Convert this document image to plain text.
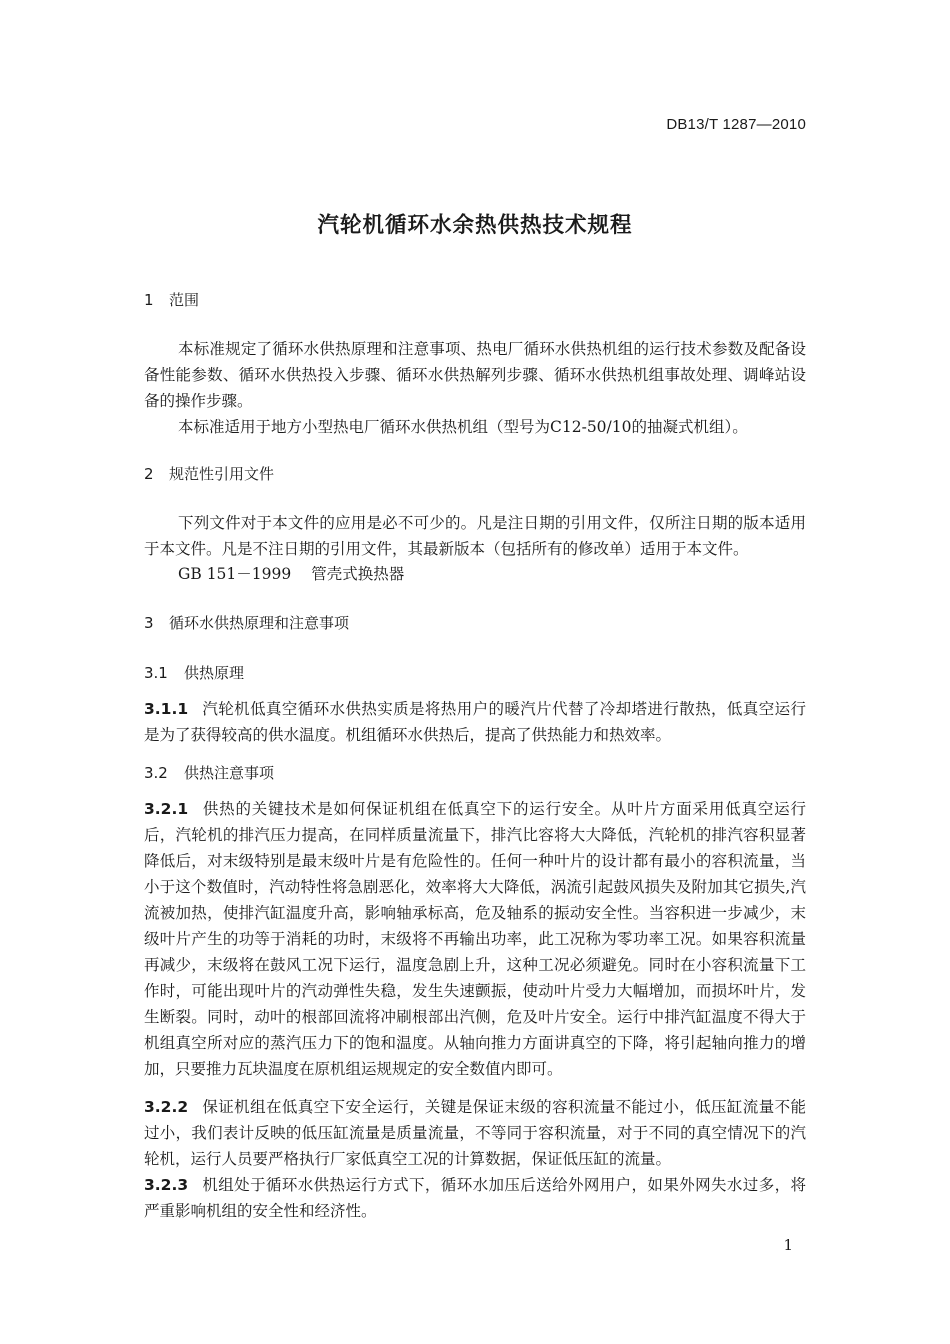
DB13/T 1287—2010
汽轮机循环水余热供热技术规程
1 范围
本标准规定了循环水供热原理和注意事项、热电厂循环水供热机组的运行技术参数及配备设备性能参数、循环水供热投入步骤、循环水供热解列步骤、循环水供热机组事故处理、调峰站设备的操作步骤。
本标准适用于地方小型热电厂循环水供热机组（型号为C12-50/10的抽凝式机组）。
2 规范性引用文件
下列文件对于本文件的应用是必不可少的。凡是注日期的引用文件，仅所注日期的版本适用于本文件。凡是不注日期的引用文件，其最新版本（包括所有的修改单）适用于本文件。
GB 151－1999 管壳式换热器
3 循环水供热原理和注意事项
3.1 供热原理
3.1.1 汽轮机低真空循环水供热实质是将热用户的暖汽片代替了冷却塔进行散热，低真空运行是为了获得较高的供水温度。机组循环水供热后，提高了供热能力和热效率。
3.2 供热注意事项
3.2.1 供热的关键技术是如何保证机组在低真空下的运行安全。从叶片方面采用低真空运行后，汽轮机的排汽压力提高，在同样质量流量下，排汽比容将大大降低，汽轮机的排汽容积显著降低后，对末级特别是最末级叶片是有危险性的。任何一种叶片的设计都有最小的容积流量，当小于这个数值时，汽动特性将急剧恶化，效率将大大降低，涡流引起鼓风损失及附加其它损失,汽流被加热，使排汽缸温度升高，影响轴承标高，危及轴系的振动安全性。当容积进一步减少，末级叶片产生的功等于消耗的功时，末级将不再输出功率，此工况称为零功率工况。如果容积流量再减少，末级将在鼓风工况下运行，温度急剧上升，这种工况必须避免。同时在小容积流量下工作时，可能出现叶片的汽动弹性失稳，发生失速颤振，使动叶片受力大幅增加，而损坏叶片，发生断裂。同时，动叶的根部回流将冲刷根部出汽侧，危及叶片安全。运行中排汽缸温度不得大于机组真空所对应的蒸汽压力下的饱和温度。从轴向推力方面讲真空的下降，将引起轴向推力的增加，只要推力瓦块温度在原机组运规规定的安全数值内即可。
3.2.2 保证机组在低真空下安全运行，关键是保证末级的容积流量不能过小，低压缸流量不能过小，我们表计反映的低压缸流量是质量流量，不等同于容积流量，对于不同的真空情况下的汽轮机，运行人员要严格执行厂家低真空工况的计算数据，保证低压缸的流量。
3.2.3 机组处于循环水供热运行方式下，循环水加压后送给外网用户，如果外网失水过多，将严重影响机组的安全性和经济性。
1
